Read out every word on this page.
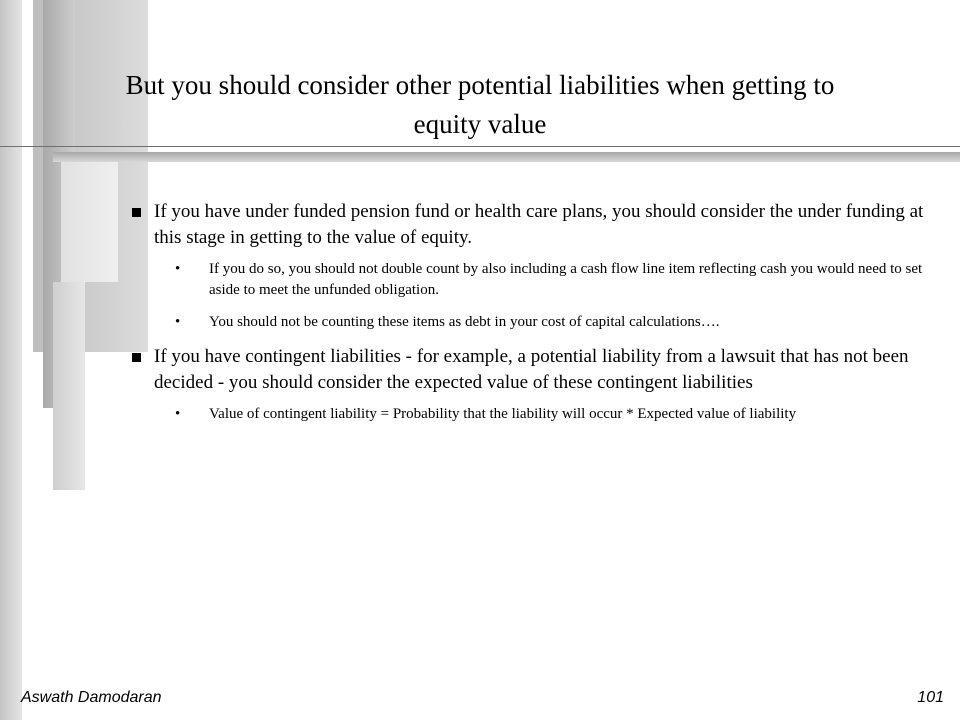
But you should consider other potential liabilities when getting to equity value
If you have under funded pension fund or health care plans, you should consider the under funding at this stage in getting to the value of equity.
• If you do so, you should not double count by also including a cash flow line item reflecting cash you would need to set aside to meet the unfunded obligation.
• You should not be counting these items as debt in your cost of capital calculations….
If you have contingent liabilities - for example, a potential liability from a lawsuit that has not been decided - you should consider the expected value of these contingent liabilities
• Value of contingent liability = Probability that the liability will occur * Expected value of liability
Aswath Damodaran	101
